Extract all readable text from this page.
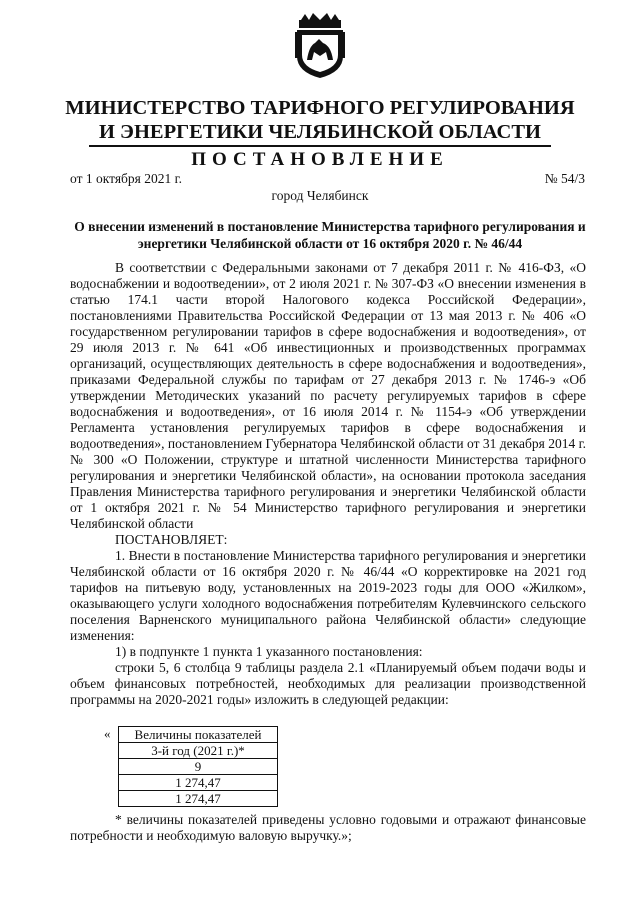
МИНИСТЕРСТВО ТАРИФНОГО РЕГУЛИРОВАНИЯ
И ЭНЕРГЕТИКИ ЧЕЛЯБИНСКОЙ ОБЛАСТИ
ПОСТАНОВЛЕНИЕ
от 1 октября 2021 г.	№ 54/3
город Челябинск
О внесении изменений в постановление Министерства тарифного регулирования и энергетики Челябинской области от 16 октября 2020 г. № 46/44

В соответствии с Федеральными законами от 7 декабря 2011 г. № 416-ФЗ, «О водоснабжении и водоотведении», от 2 июля 2021 г. № 307-ФЗ «О внесении изменения в статью 174.1 части второй Налогового кодекса Российской Федерации», постановлениями Правительства Российской Федерации от 13 мая 2013 г. № 406 «О государственном регулировании тарифов в сфере водоснабжения и водоотведения», от 29 июля 2013 г. № 641 «Об инвестиционных и производственных программах организаций, осуществляющих деятельность в сфере водоснабжения и водоотведения», приказами Федеральной службы по тарифам от 27 декабря 2013 г. № 1746-э «Об утверждении Методических указаний по расчету регулируемых тарифов в сфере водоснабжения и водоотведения», от 16 июля 2014 г. № 1154-э «Об утверждении Регламента установления регулируемых тарифов в сфере водоснабжения и водоотведения», постановлением Губернатора Челябинской области от 31 декабря 2014 г. № 300 «О Положении, структуре и штатной численности Министерства тарифного регулирования и энергетики Челябинской области», на основании протокола заседания Правления Министерства тарифного регулирования и энергетики Челябинской области от 1 октября 2021 г. № 54 Министерство тарифного регулирования и энергетики Челябинской области

ПОСТАНОВЛЯЕТ:

1. Внести в постановление Министерства тарифного регулирования и энергетики Челябинской области от 16 октября 2020 г. № 46/44 «О корректировке на 2021 год тарифов на питьевую воду, установленных на 2019-2023 годы для ООО «Жилком», оказывающего услуги холодного водоснабжения потребителям Кулевчинского сельского поселения Варненского муниципального района Челябинской области» следующие изменения:

1) в подпункте 1 пункта 1 указанного постановления:

строки 5, 6 столбца 9 таблицы раздела 2.1 «Планируемый объем подачи воды и объем финансовых потребностей, необходимых для реализации производственной программы на 2020-2021 годы» изложить в следующей редакции:

« Величины показателей
3-й год (2021 г.)*
9
1 274,47
1 274,47

* величины показателей приведены условно годовыми и отражают финансовые потребности и необходимую валовую выручку.»;
